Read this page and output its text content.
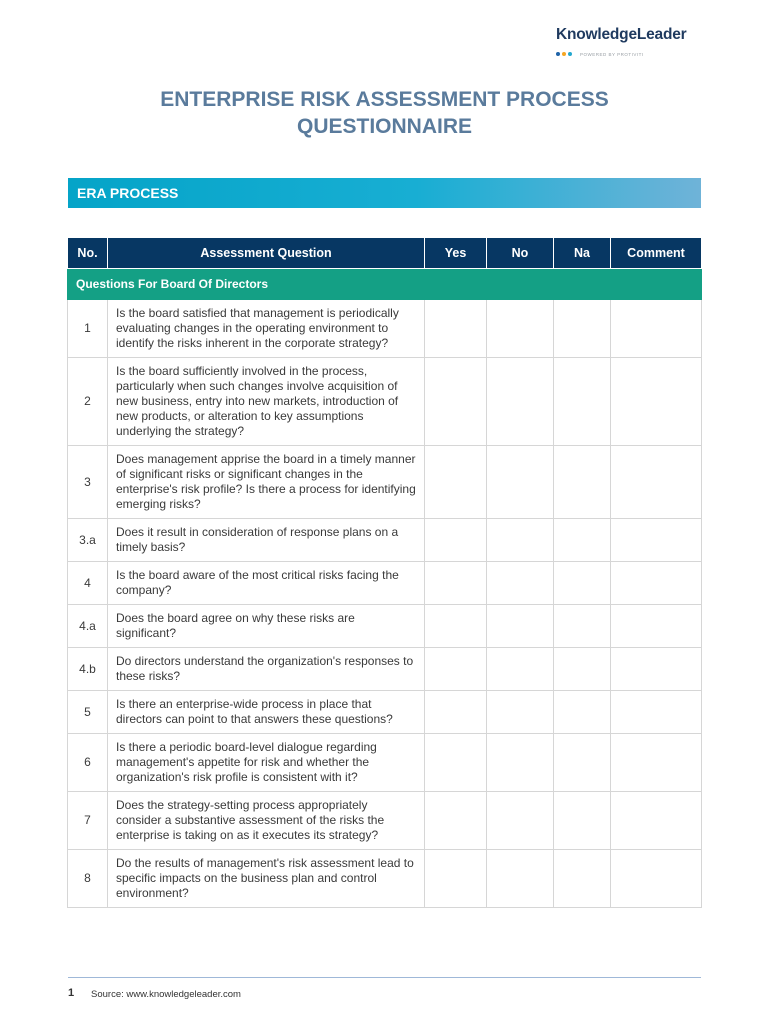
KnowledgeLeader
POWERED BY PROTIVITI
ENTERPRISE RISK ASSESSMENT PROCESS
QUESTIONNAIRE
ERA PROCESS
No.	Assessment Question	Yes	No	Na	Comment
Questions For Board Of Directors					
1	Is the board satisfied that management is periodically evaluating changes in the operating environment to identify the risks inherent in the corporate strategy?				
2	Is the board sufficiently involved in the process, particularly when such changes involve acquisition of new business, entry into new markets, introduction of new products, or alteration to key assumptions underlying the strategy?				
3	Does management apprise the board in a timely manner of significant risks or significant changes in the enterprise's risk profile? Is there a process for identifying emerging risks?				
3.a	Does it result in consideration of response plans on a timely basis?				
4	Is the board aware of the most critical risks facing the company?				
4.a	Does the board agree on why these risks are significant?				
4.b	Do directors understand the organization's responses to these risks?				
5	Is there an enterprise-wide process in place that directors can point to that answers these questions?				
6	Is there a periodic board-level dialogue regarding management's appetite for risk and whether the organization's risk profile is consistent with it?				
7	Does the strategy-setting process appropriately consider a substantive assessment of the risks the enterprise is taking on as it executes its strategy?				
8	Do the results of management's risk assessment lead to specific impacts on the business plan and control environment?				
1 Source: www.knowledgeleader.com
